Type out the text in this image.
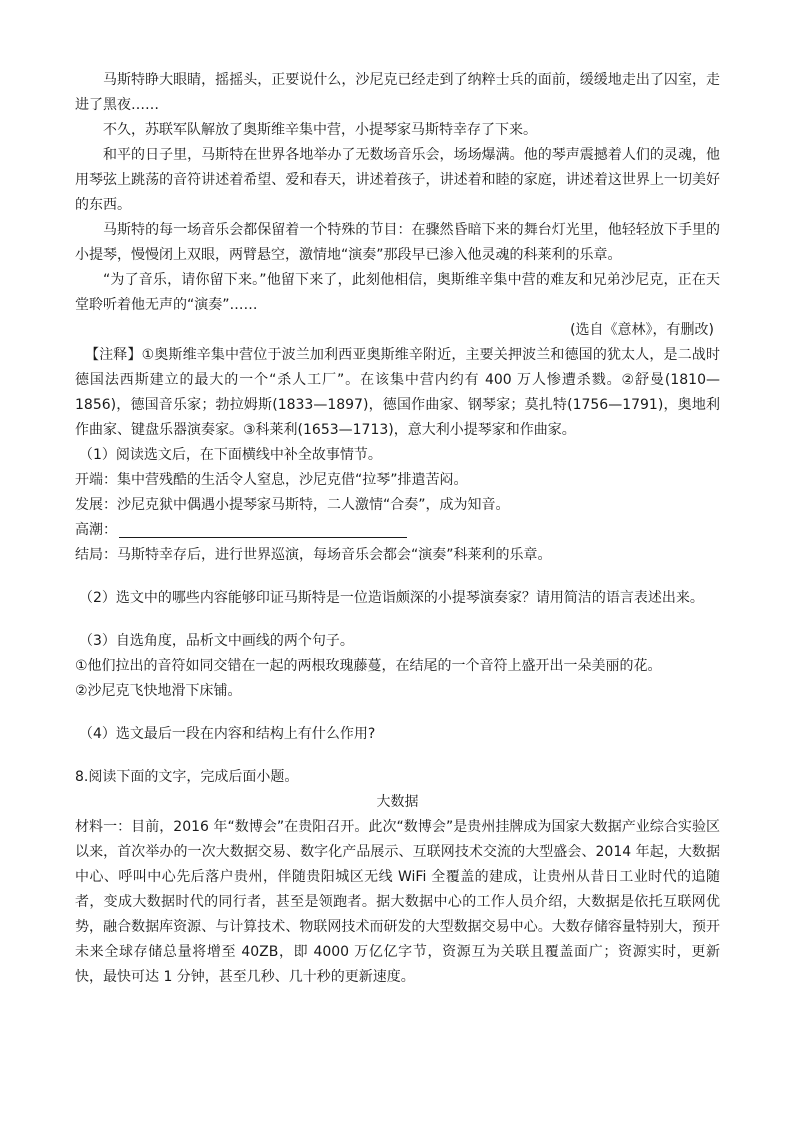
马斯特睁大眼睛，摇摇头，正要说什么，沙尼克已经走到了纳粹士兵的面前，缓缓地走出了囚室，走进了黑夜……

不久，苏联军队解放了奥斯维辛集中营，小提琴家马斯特幸存了下来。

和平的日子里，马斯特在世界各地举办了无数场音乐会，场场爆满。他的琴声震撼着人们的灵魂，他用琴弦上跳荡的音符讲述着希望、爱和春天，讲述着孩子，讲述着和睦的家庭，讲述着这世界上一切美好的东西。

马斯特的每一场音乐会都保留着一个特殊的节目：在骤然昏暗下来的舞台灯光里，他轻轻放下手里的小提琴，慢慢闭上双眼，两臂悬空，激情地“演奏”那段早已渗入他灵魂的科莱利的乐章。

“为了音乐，请你留下来。”他留下来了，此刻他相信，奥斯维辛集中营的难友和兄弟沙尼克，正在天堂聆听着他无声的“演奏”……

(选自《意林》，有删改)

【注释】①奥斯维辛集中营位于波兰加利西亚奥斯维辛附近，主要关押波兰和德国的犹太人，是二战时德国法西斯建立的最大的一个“杀人工厂”。在该集中营内约有 400 万人惨遭杀戮。②舒曼(1810—1856)，德国音乐家；勃拉姆斯(1833—1897)，德国作曲家、钢琴家；莫扎特(1756—1791)，奥地利作曲家、键盘乐器演奏家。③科莱利(1653—1713)，意大利小提琴家和作曲家。

（1）阅读选文后，在下面横线中补全故事情节。

开端：集中营残酷的生活令人窒息，沙尼克借“拉琴”排遣苦闷。

发展：沙尼克狱中偶遇小提琴家马斯特，二人激情“合奏”，成为知音。

高潮：

结局：马斯特幸存后，进行世界巡演，每场音乐会都会“演奏”科莱利的乐章。

（2）选文中的哪些内容能够印证马斯特是一位造诣颇深的小提琴演奏家？请用简洁的语言表述出来。

（3）自选角度，品析文中画线的两个句子。

①他们拉出的音符如同交错在一起的两根玫瑰藤蔓，在结尾的一个音符上盛开出一朵美丽的花。

②沙尼克飞快地滑下床铺。

（4）选文最后一段在内容和结构上有什么作用?

8.阅读下面的文字，完成后面小题。

大数据

材料一：目前，2016 年“数博会”在贵阳召开。此次“数博会”是贵州挂牌成为国家大数据产业综合实验区以来，首次举办的一次大数据交易、数字化产品展示、互联网技术交流的大型盛会、2014 年起，大数据中心、呼叫中心先后落户贵州，伴随贵阳城区无线 WiFi 全覆盖的建成，让贵州从昔日工业时代的追随者，变成大数据时代的同行者，甚至是领跑者。据大数据中心的工作人员介绍，大数据是依托互联网优势，融合数据库资源、与计算技术、物联网技术而研发的大型数据交易中心。大数存储容量特别大，预开未来全球存储总量将增至 40ZB，即 4000 万亿亿字节，资源互为关联且覆盖面广；资源实时，更新快，最快可达 1 分钟，甚至几秒、几十秒的更新速度。
